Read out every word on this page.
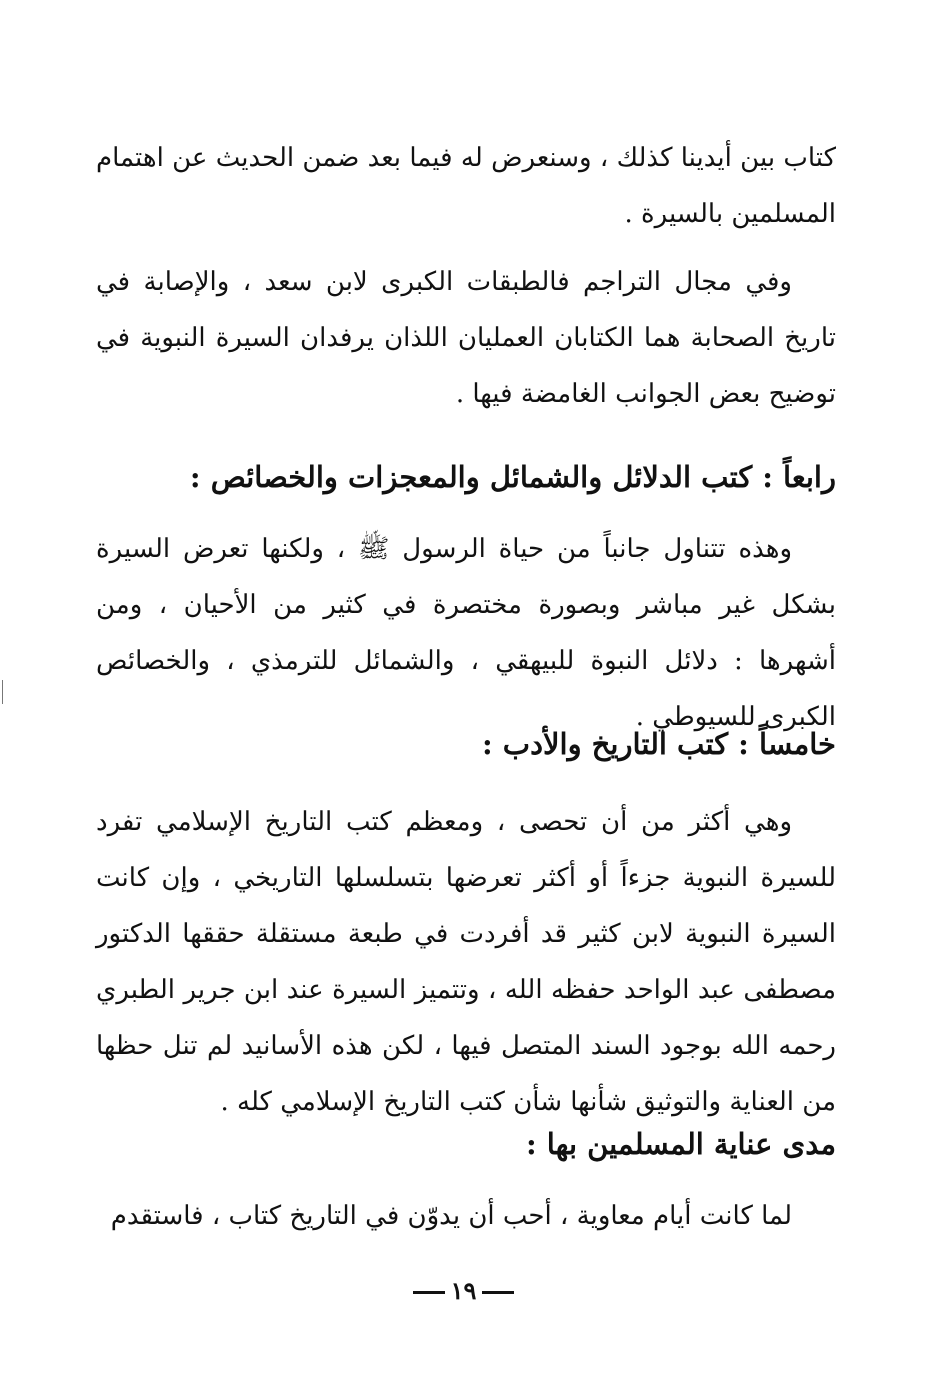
كتاب بين أيدينا كذلك ، وسنعرض له فيما بعد ضمن الحديث عن اهتمام المسلمين بالسيرة .

وفي مجال التراجم فالطبقات الكبرى لابن سعد ، والإصابة في تاريخ الصحابة هما الكتابان العمليان اللذان يرفدان السيرة النبوية في توضيح بعض الجوانب الغامضة فيها .

رابعاً : كتب الدلائل والشمائل والمعجزات والخصائص :

وهذه تتناول جانباً من حياة الرسول ﷺ ، ولكنها تعرض السيرة بشكل غير مباشر وبصورة مختصرة في كثير من الأحيان ، ومن أشهرها : دلائل النبوة للبيهقي ، والشمائل للترمذي ، والخصائص الكبرى للسيوطي .

خامساً : كتب التاريخ والأدب :

وهي أكثر من أن تحصى ، ومعظم كتب التاريخ الإسلامي تفرد للسيرة النبوية جزءاً أو أكثر تعرضها بتسلسلها التاريخي ، وإن كانت السيرة النبوية لابن كثير قد أفردت في طبعة مستقلة حققها الدكتور مصطفى عبد الواحد حفظه الله ، وتتميز السيرة عند ابن جرير الطبري رحمه الله بوجود السند المتصل فيها ، لكن هذه الأسانيد لم تنل حظها من العناية والتوثيق شأنها شأن كتب التاريخ الإسلامي كله .

مدى عناية المسلمين بها :

لما كانت أيام معاوية ، أحب أن يدوّن في التاريخ كتاب ، فاستقدم

١٩
